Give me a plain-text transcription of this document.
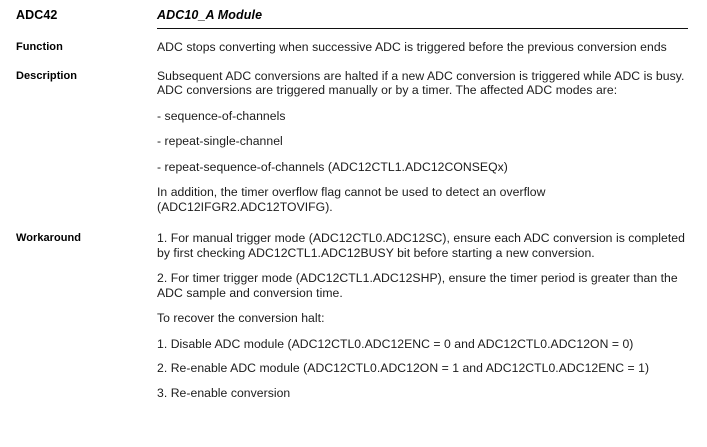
ADC42	ADC10_A Module
Function	ADC stops converting when successive ADC is triggered before the previous conversion ends

Description	Subsequent ADC conversions are halted if a new ADC conversion is triggered while ADC is busy. ADC conversions are triggered manually or by a timer. The affected ADC modes are:

- sequence-of-channels

- repeat-single-channel

- repeat-sequence-of-channels (ADC12CTL1.ADC12CONSEQx)

In addition, the timer overflow flag cannot be used to detect an overflow (ADC12IFGR2.ADC12TOVIFG).

Workaround	1. For manual trigger mode (ADC12CTL0.ADC12SC), ensure each ADC conversion is completed by first checking ADC12CTL1.ADC12BUSY bit before starting a new conversion.

2. For timer trigger mode (ADC12CTL1.ADC12SHP), ensure the timer period is greater than the ADC sample and conversion time.

To recover the conversion halt:

1. Disable ADC module (ADC12CTL0.ADC12ENC = 0 and ADC12CTL0.ADC12ON = 0)

2. Re-enable ADC module (ADC12CTL0.ADC12ON = 1 and ADC12CTL0.ADC12ENC = 1)

3. Re-enable conversion
